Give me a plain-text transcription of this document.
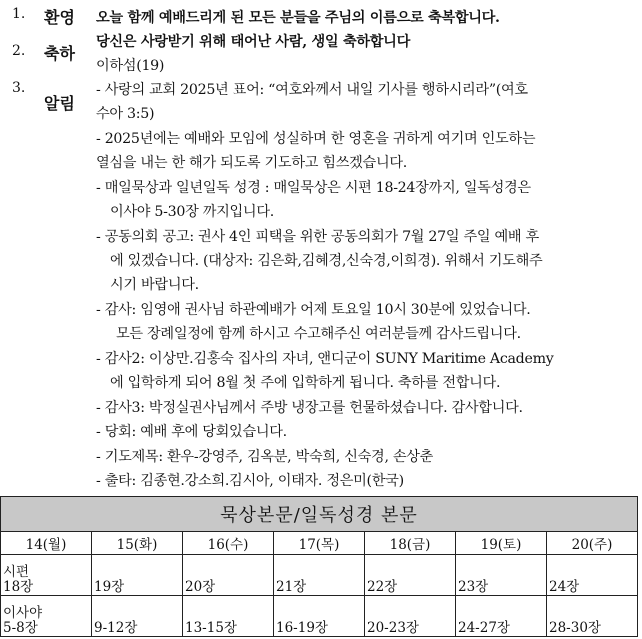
1. 환영 오늘 함께 예배드리게 된 모든 분들을 주님의 이름으로 축복합니다.
2. 축하
당신은 사랑받기 위해 태어난 사람, 생일 축하합니다
이하섬(19)
3.
알림
- 사랑의 교회 2025년 표어: “여호와께서 내일 기사를 행하시리라”(여호
수아 3:5)
- 2025년에는 예배와 모임에 성실하며 한 영혼을 귀하게 여기며 인도하는
열심을 내는 한 해가 되도록 기도하고 힘쓰겠습니다.
- 매일묵상과 일년일독 성경 : 매일묵상은 시편 18-24장까지, 일독성경은
이사야 5-30장 까지입니다.
- 공동의회 공고: 권사 4인 피택을 위한 공동의회가 7월 27일 주일 예배 후
에 있겠습니다. (대상자: 김은화,김혜경,신숙경,이희경). 위해서 기도해주
시기 바랍니다.
- 감사: 임영애 권사님 하관예배가 어제 토요일 10시 30분에 있었습니다.
모든 장례일정에 함께 하시고 수고해주신 여러분들께 감사드립니다.
- 감사2: 이상만.김홍숙 집사의 자녀, 앤디군이 SUNY Maritime Academy
에 입학하게 되어 8월 첫 주에 입학하게 됩니다. 축하를 전합니다.
- 감사3: 박정실권사님께서 주방 냉장고를 헌물하셨습니다. 감사합니다.
- 당회: 예배 후에 당회있습니다.
- 기도제목: 환우-강영주, 김옥분, 박숙희, 신숙경, 손상춘
- 출타: 김종현.강소희.김시아, 이태자. 정은미(한국)
묵상본문/일독성경 본문						
14(월)	15(화)	16(수)	17(목)	18(금)	19(토)	20(주)

시편
18장	19장	20장	21장	22장	23장	24장

이사야
5-8장	9-12장	13-15장	16-19장	20-23장	24-27장	28-30장
